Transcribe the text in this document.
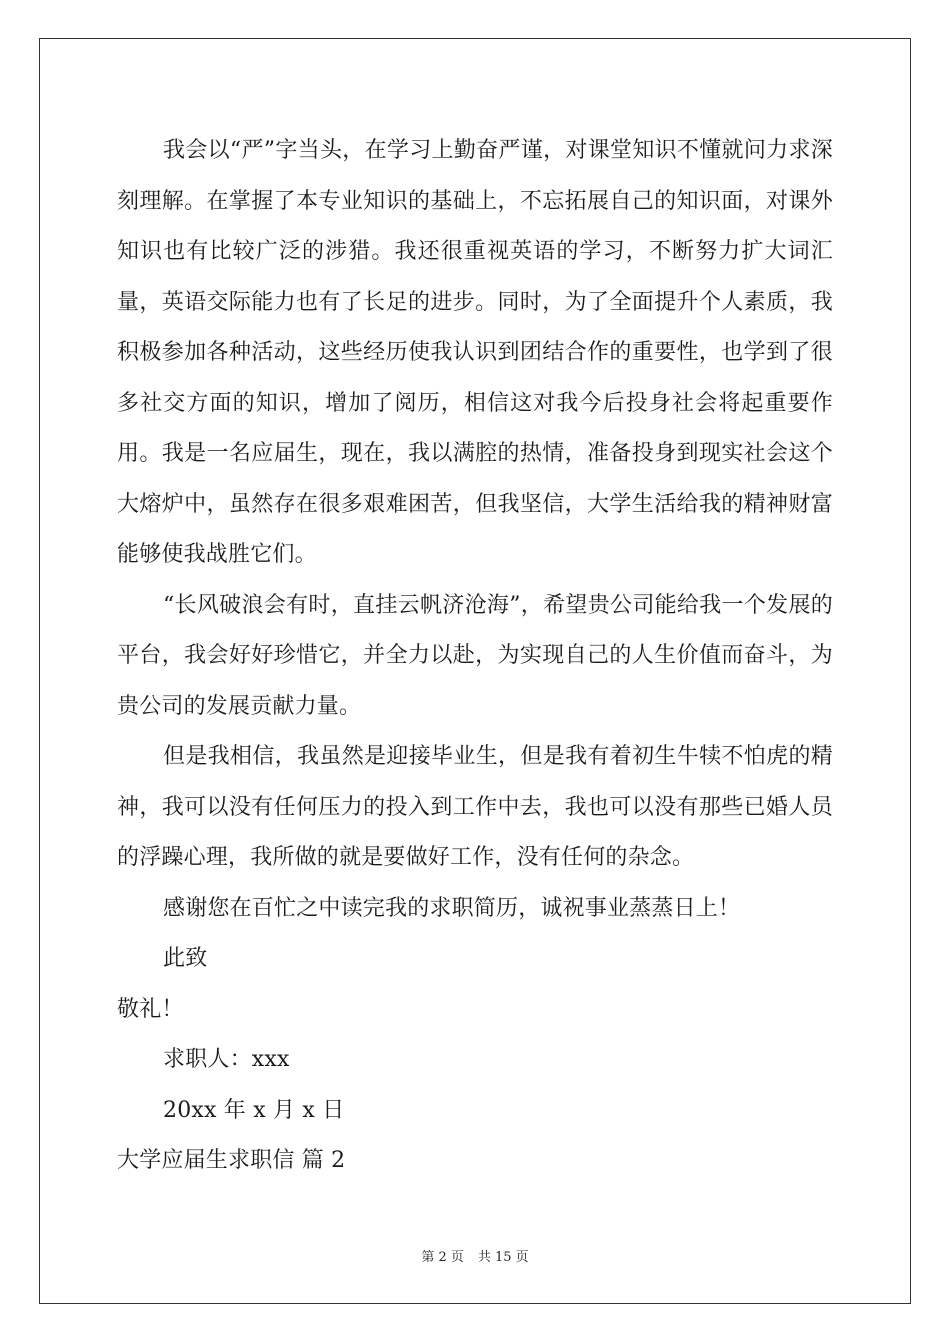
我会以“严”字当头，在学习上勤奋严谨，对课堂知识不懂就问力求深刻理解。在掌握了本专业知识的基础上，不忘拓展自己的知识面，对课外知识也有比较广泛的涉猎。我还很重视英语的学习，不断努力扩大词汇量，英语交际能力也有了长足的进步。同时，为了全面提升个人素质，我积极参加各种活动，这些经历使我认识到团结合作的重要性，也学到了很多社交方面的知识，增加了阅历，相信这对我今后投身社会将起重要作用。我是一名应届生，现在，我以满腔的热情，准备投身到现实社会这个大熔炉中，虽然存在很多艰难困苦，但我坚信，大学生活给我的精神财富能够使我战胜它们。

“长风破浪会有时，直挂云帆济沧海”，希望贵公司能给我一个发展的平台，我会好好珍惜它，并全力以赴，为实现自己的人生价值而奋斗，为贵公司的发展贡献力量。

但是我相信，我虽然是迎接毕业生，但是我有着初生牛犊不怕虎的精神，我可以没有任何压力的投入到工作中去，我也可以没有那些已婚人员的浮躁心理，我所做的就是要做好工作，没有任何的杂念。

感谢您在百忙之中读完我的求职简历，诚祝事业蒸蒸日上！

此致

敬礼！

求职人：xxx

20xx 年 x 月 x 日

大学应届生求职信 篇 2

第 2 页 共 15 页
